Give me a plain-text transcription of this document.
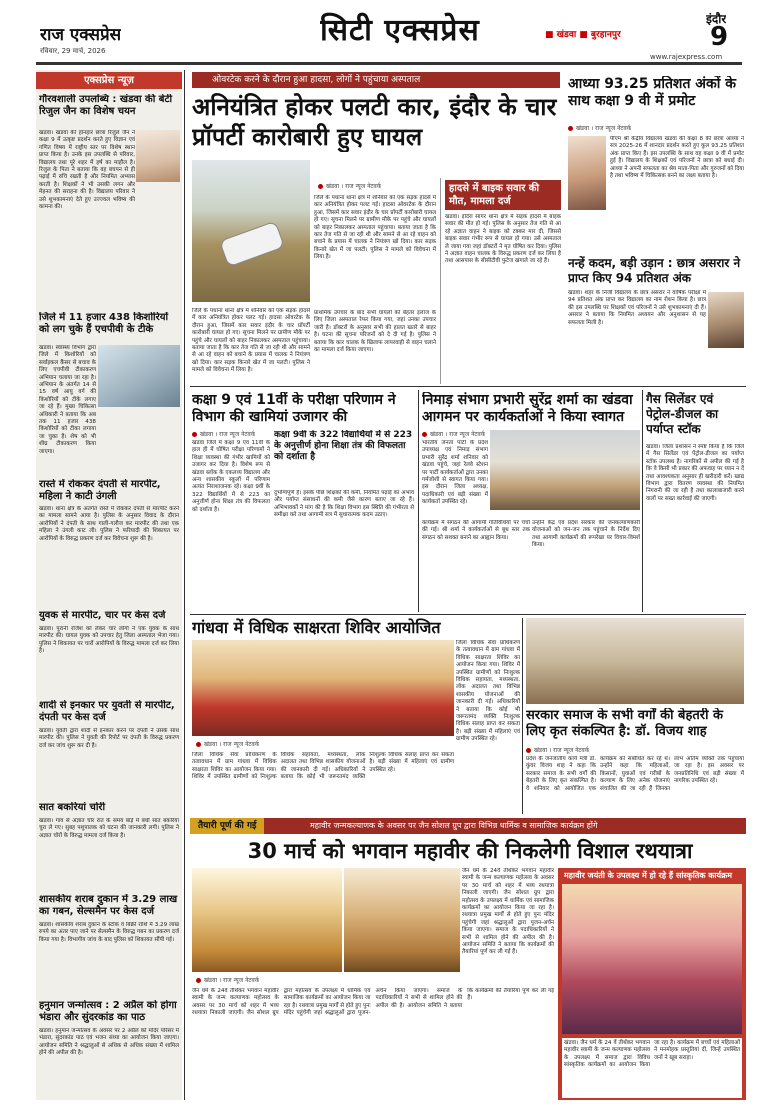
राज एक्सप्रेस
रविवार, 29 मार्च, 2026
सिटी एक्सप्रेस	■ खंडवा ■ बुरहानपुर
इंदौर
9
www.rajexpress.com
एक्सप्रेस न्यूज़
गौरवशाली उपलब्धि : खंडवा की बेटी रिजुल जैन का विशेष चयन
खंडवा। खंडवा की होनहार छात्रा रिजुल जैन ने कक्षा 9 में उत्कृष्ट प्रदर्शन करते हुए विज्ञान एवं गणित विषय में राष्ट्रीय स्तर पर विशेष स्थान प्राप्त किया है। उनके इस उपलब्धि से परिवार, विद्यालय तथा पूरे शहर में हर्ष का माहौल है। रिजुल के पिता ने बताया कि वह बचपन से ही पढ़ाई में रुचि रखती है और नियमित अभ्यास करती है। शिक्षकों ने भी उसकी लगन और मेहनत की सराहना की है। विद्यालय परिवार ने उसे शुभकामनाएं देते हुए उज्ज्वल भविष्य की कामना की।
जिले में 11 हजार 438 किशोरियों को लग चुके हैं एचपीवी के टीके
खंडवा। स्वास्थ्य विभाग द्वारा जिले में किशोरियों को सर्वाइकल कैंसर से बचाव के लिए एचपीवी टीकाकरण अभियान चलाया जा रहा है। अभियान के अंतर्गत 14 से 15 वर्ष आयु वर्ग की किशोरियों को टीके लगाए जा रहे हैं। मुख्य चिकित्सा अधिकारी ने बताया कि अब तक 11 हजार 438 किशोरियों को टीका लगाया जा चुका है। शेष को भी शीघ्र टीकाकरण किया जाएगा।
रास्ते में रोककर दंपती से मारपीट, महिला ने काटी उंगली
खंडवा। थाना क्षेत्र के अंतर्गत रास्ते में रोककर दंपती से मारपीट करने का मामला सामने आया है। पुलिस के अनुसार विवाद के दौरान आरोपियों ने दंपती के साथ गाली-गलौज कर मारपीट की तथा एक महिला ने उंगली काट ली। पुलिस ने फरियादी की शिकायत पर आरोपियों के विरुद्ध प्रकरण दर्ज कर विवेचना शुरू की है।
युवक से मारपीट, चार पर केस दर्ज
खंडवा। पुरानी रंजिश को लेकर चार लोगों ने एक युवक के साथ मारपीट की। घायल युवक को उपचार हेतु जिला अस्पताल भेजा गया। पुलिस ने शिकायत पर चारों आरोपियों के विरुद्ध मामला दर्ज कर लिया है।
शादी से इनकार पर युवती से मारपीट, दंपती पर केस दर्ज
खंडवा। युवती द्वारा शादी से इनकार करने पर दंपती ने उसके साथ मारपीट की। पुलिस ने युवती की रिपोर्ट पर दंपती के विरुद्ध प्रकरण दर्ज कर जांच शुरू कर दी है।
सात बकरियां चोरी
खंडवा। गांव से अज्ञात चोर रात के समय बाड़े में बंधी सात बकरियां चुरा ले गए। सुबह पशुपालक को घटना की जानकारी लगी। पुलिस ने अज्ञात चोरों के विरुद्ध मामला दर्ज किया है।
शासकीय शराब दुकान में 3.29 लाख का गबन, सेल्समैन पर केस दर्ज
खंडवा। शासकीय शराब दुकान के स्टॉक व बिक्री राशि में 3.29 लाख रुपये का अंतर पाए जाने पर सेल्समैन के विरुद्ध गबन का प्रकरण दर्ज किया गया है। विभागीय जांच के बाद पुलिस को शिकायत सौंपी गई।
हनुमान जन्मोत्सव : 2 अप्रैल को होगा भंडारा और सुंदरकांड का पाठ
खंडवा। हनुमान जन्मोत्सव के अवसर पर 2 अप्रैल को मंदिर परिसर में भंडारा, सुंदरकांड पाठ एवं भजन संध्या का आयोजन किया जाएगा। आयोजन समिति ने श्रद्धालुओं से अधिक से अधिक संख्या में शामिल होने की अपील की है।
ओवरटेक करने के दौरान हुआ हादसा, लोगों ने पहुंचाया अस्पताल
अनियंत्रित होकर पलटी कार, इंदौर के चार प्रॉपर्टी कारोबारी हुए घायल
खंडवा । राज न्यूज नेटवर्क
जिले के पंधाना थाना क्षेत्र में शनिवार को एक सड़क हादसे में कार अनियंत्रित होकर पलट गई। हादसा ओवरटेक के दौरान हुआ, जिसमें कार सवार इंदौर के चार प्रॉपर्टी कारोबारी घायल हो गए। सूचना मिलने पर ग्रामीण मौके पर पहुंचे और घायलों को बाहर निकालकर अस्पताल पहुंचाया। बताया जाता है कि कार तेज गति से जा रही थी और सामने से आ रहे वाहन को बचाने के प्रयास में चालक ने नियंत्रण खो दिया। कार सड़क किनारे खेत में जा पलटी। पुलिस ने मामले को विवेचना में लिया है।
प्राथमिक उपचार के बाद सभी घायलों को बेहतर इलाज के लिए जिला अस्पताल रेफर किया गया, जहां उनका उपचार जारी है। डॉक्टरों के अनुसार सभी की हालत खतरे से बाहर है। घटना की सूचना परिजनों को दे दी गई है। पुलिस ने बताया कि कार चालक के खिलाफ लापरवाही से वाहन चलाने का मामला दर्ज किया जाएगा।
जिले के पंधाना थाना क्षेत्र में शनिवार को एक सड़क हादसे में कार अनियंत्रित होकर पलट गई। हादसा ओवरटेक के दौरान हुआ, जिसमें कार सवार इंदौर के चार प्रॉपर्टी कारोबारी घायल हो गए। सूचना मिलने पर ग्रामीण मौके पर पहुंचे और घायलों को बाहर निकालकर अस्पताल पहुंचाया। बताया जाता है कि कार तेज गति से जा रही थी और सामने से आ रहे वाहन को बचाने के प्रयास में चालक ने नियंत्रण खो दिया। कार सड़क किनारे खेत में जा पलटी। पुलिस ने मामले को विवेचना में लिया है।
हादसे में बाइक सवार की मौत, मामला दर्ज
खंडवा। इंदिरा सागर थाना क्षेत्र में सड़क हादसे में बाइक सवार की मौत हो गई। पुलिस के अनुसार तेज गति से आ रहे अज्ञात वाहन ने बाइक को टक्कर मार दी, जिससे बाइक सवार गंभीर रूप से घायल हो गया। उसे अस्पताल ले जाया गया जहां डॉक्टरों ने मृत घोषित कर दिया। पुलिस ने अज्ञात वाहन चालक के विरुद्ध प्रकरण दर्ज कर लिया है तथा आसपास के सीसीटीवी फुटेज खंगाले जा रहे हैं।
आध्या 93.25 प्रतिशत अंकों के साथ कक्षा 9 वी में प्रमोट
खंडवा । राज न्यूज नेटवर्क
पीएम श्री केंद्रीय विद्यालय खंडवा की कक्षा 8 की छात्रा आध्या ने सत्र 2025-26 में शानदार प्रदर्शन करते हुए कुल 93.25 प्रतिशत अंक प्राप्त किए हैं। इस उपलब्धि के साथ वह कक्षा 9 वीं में प्रमोट हुई है। विद्यालय के शिक्षकों एवं परिजनों ने छात्रा को बधाई दी। आध्या ने अपनी सफलता का श्रेय माता-पिता और गुरुजनों को दिया है तथा भविष्य में चिकित्सक बनने का लक्ष्य बताया है।
नन्हें कदम, बड़ी उड़ान : छात्र असरार ने प्राप्त किए 94 प्रतिशत अंक
खंडवा। शहर के निजी विद्यालय के छात्र असरार ने वार्षिक परीक्षा में 94 प्रतिशत अंक प्राप्त कर विद्यालय का नाम रोशन किया है। छात्र की इस उपलब्धि पर शिक्षकों एवं परिजनों ने उसे शुभकामनाएं दी हैं। असरार ने बताया कि नियमित अध्ययन और अनुशासन से यह सफलता मिली है।
कक्षा 9 एवं 11वीं के परीक्षा परिणाम ने विभाग की खामियां उजागर की
खंडवा । राज न्यूज नेटवर्क
खंडवा जिले में कक्षा 9 एवं 11वीं के हाल ही में घोषित परीक्षा परिणामों ने शिक्षा व्यवस्था की गंभीर खामियों को उजागर कर दिया है। विशेष रूप से खंडवा ब्लॉक के एकलव्य विद्यालय और अन्य शासकीय स्कूलों में परिणाम अत्यंत निराशाजनक रहे। कक्षा 9वीं के 322 विद्यार्थियों में से 223 का अनुत्तीर्ण होना शिक्षा तंत्र की विफलता को दर्शाता है।
कक्षा 9वीं के 322 विद्यार्थियों में से 223 के अनुत्तीर्ण होना शिक्षा तंत्र की विफलता को दर्शाता है
दुर्भाग्यपूर्ण है। इसके पीछे शिक्षकों की कमी, नियमित पढ़ाई का अभाव और पर्याप्त संसाधनों की कमी जैसे कारण बताए जा रहे हैं। अभिभावकों ने मांग की है कि शिक्षा विभाग इस स्थिति की गंभीरता से समीक्षा करे तथा आगामी सत्र में सुधारात्मक कदम उठाए।
निमाड़ संभाग प्रभारी सुरेंद्र शर्मा का खंडवा आगमन पर कार्यकर्ताओं ने किया स्वागत
खंडवा । राज न्यूज नेटवर्क
भारतीय जनता पार्टी के प्रदेश उपाध्यक्ष एवं निमाड़ संभाग प्रभारी सुरेंद्र शर्मा शनिवार को खंडवा पहुंचे, जहां रेलवे स्टेशन पर पार्टी कार्यकर्ताओं द्वारा उनका गर्मजोशी से स्वागत किया गया। इस दौरान जिला अध्यक्ष, पदाधिकारी एवं बड़ी संख्या में कार्यकर्ता उपस्थित रहे।
कार्यक्रम में संगठन की आगामी गतिविधियों पर चर्चा की गई। श्री शर्मा ने कार्यकर्ताओं से बूथ स्तर तक संगठन को सशक्त बनाने का आह्वान किया।
उन्होंने केंद्र एवं प्रदेश सरकार की जनकल्याणकारी योजनाओं को जन-जन तक पहुंचाने के निर्देश दिए तथा आगामी कार्यक्रमों की रूपरेखा पर विचार-विमर्श किया।
गैस सिलेंडर एवं पेट्रोल-डीजल का पर्याप्त स्टॉक
खंडवा। जिला प्रशासन ने स्पष्ट किया है कि जिले में गैस सिलेंडर एवं पेट्रोल-डीजल का पर्याप्त स्टॉक उपलब्ध है। नागरिकों से अपील की गई है कि वे किसी भी प्रकार की अफवाह पर ध्यान न दें तथा आवश्यकता अनुसार ही खरीदारी करें। खाद्य विभाग द्वारा वितरण व्यवस्था की नियमित निगरानी की जा रही है तथा कालाबाजारी करने वालों पर सख्त कार्रवाई की जाएगी।
गांधवा में विधिक साक्षरता शिविर आयोजित
जिला विधिक सेवा प्राधिकरण के तत्वावधान में ग्राम गांधवा में विधिक साक्षरता शिविर का आयोजन किया गया। शिविर में उपस्थित ग्रामीणों को निःशुल्क विधिक सहायता, मध्यस्थता, लोक अदालत तथा विभिन्न शासकीय योजनाओं की जानकारी दी गई। अधिकारियों ने बताया कि कोई भी जरूरतमंद व्यक्ति निःशुल्क विधिक सलाह प्राप्त कर सकता है। बड़ी संख्या में महिलाएं एवं ग्रामीण उपस्थित रहे।
खंडवा । राज न्यूज नेटवर्क
जिला विधिक सेवा प्राधिकरण के तत्वावधान में ग्राम गांधवा में विधिक साक्षरता शिविर का आयोजन किया गया। शिविर में उपस्थित ग्रामीणों को निःशुल्क विधिक सहायता, मध्यस्थता, लोक अदालत तथा विभिन्न शासकीय योजनाओं की जानकारी दी गई। अधिकारियों ने बताया कि कोई भी जरूरतमंद व्यक्ति निःशुल्क विधिक सलाह प्राप्त कर सकता है। बड़ी संख्या में महिलाएं एवं ग्रामीण उपस्थित रहे।
सरकार समाज के सभी वर्गों की बेहतरी के लिए कृत संकल्पित है: डॉ. विजय शाह
खंडवा । राज न्यूज नेटवर्क
प्रदेश के जनजातीय कार्य मंत्री डॉ. कुंवर विजय शाह ने कहा कि सरकार समाज के सभी वर्गों की बेहतरी के लिए कृत संकल्पित है। वे शनिवार को आयोजित एक कार्यक्रम को संबोधित कर रहे थे। उन्होंने कहा कि महिलाओं, किसानों, युवाओं एवं गरीबों के कल्याण के लिए अनेक योजनाएं संचालित की जा रही हैं जिनका लाभ अंतिम व्यक्ति तक पहुंचाया जा रहा है। इस अवसर पर जनप्रतिनिधि एवं बड़ी संख्या में नागरिक उपस्थित रहे।
तैयारी पूर्ण की गई	महावीर जन्मकल्याणक के अवसर पर जैन सोशल ग्रुप द्वारा विभिन्न धार्मिक व सामाजिक कार्यक्रम होंगे
30 मार्च को भगवान महावीर की निकलेगी विशाल रथयात्रा
जैन धर्म के 24वें तीर्थंकर भगवान महावीर स्वामी के जन्म कल्याणक महोत्सव के अवसर पर 30 मार्च को शहर में भव्य रथयात्रा निकाली जाएगी। जैन सोशल ग्रुप द्वारा महोत्सव के उपलक्ष्य में धार्मिक एवं सामाजिक कार्यक्रमों का आयोजन किया जा रहा है। रथयात्रा प्रमुख मार्गों से होते हुए पुनः मंदिर पहुंचेगी जहां श्रद्धालुओं द्वारा पूजन-अर्चन किया जाएगा। समाज के पदाधिकारियों ने सभी से शामिल होने की अपील की है। आयोजन समिति ने बताया कि कार्यक्रमों की तैयारियां पूर्ण कर ली गई हैं।
खंडवा । राज न्यूज नेटवर्क
जैन धर्म के 24वें तीर्थंकर भगवान महावीर स्वामी के जन्म कल्याणक महोत्सव के अवसर पर 30 मार्च को शहर में भव्य रथयात्रा निकाली जाएगी। जैन सोशल ग्रुप द्वारा महोत्सव के उपलक्ष्य में धार्मिक एवं सामाजिक कार्यक्रमों का आयोजन किया जा रहा है। रथयात्रा प्रमुख मार्गों से होते हुए पुनः मंदिर पहुंचेगी जहां श्रद्धालुओं द्वारा पूजन-अर्चन किया जाएगा। समाज के पदाधिकारियों ने सभी से शामिल होने की अपील की है। आयोजन समिति ने बताया कि कार्यक्रमों की तैयारियां पूर्ण कर ली गई हैं।
महावीर जयंती के उपलक्ष्य में हो रहे हैं सांस्कृतिक कार्यक्रम
खंडवा। जैन धर्म के 24 वें तीर्थंकर भगवान महावीर स्वामी के जन्म कल्याणक महोत्सव के उपलक्ष्य में समाज द्वारा विविध सांस्कृतिक कार्यक्रमों का आयोजन किया जा रहा है। कार्यक्रम में बच्चों एवं महिलाओं ने मनमोहक प्रस्तुतियां दीं, जिन्हें उपस्थित जनों ने खूब सराहा।
